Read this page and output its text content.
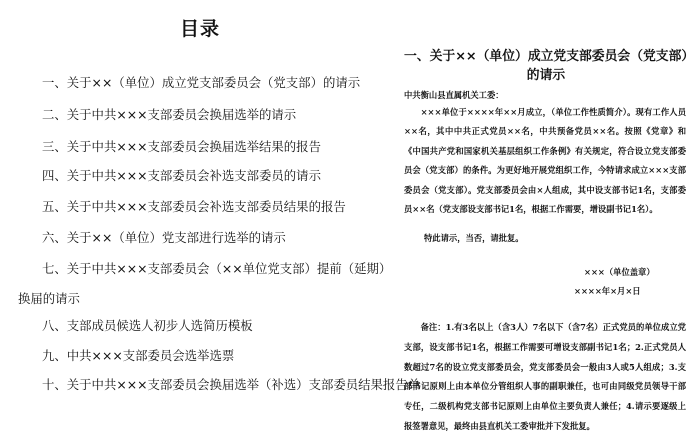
目录
一、关于××（单位）成立党支部委员会（党支部）的请示
二、关于中共×××支部委员会换届选举的请示
三、关于中共×××支部委员会换届选举结果的报告
四、关于中共×××支部委员会补选支部委员的请示
五、关于中共×××支部委员会补选支部委员结果的报告
六、关于××（单位）党支部进行选举的请示
七、关于中共×××支部委员会（××单位党支部）提前（延期）换届的请示
八、支部成员候选人初步人选简历模板
九、中共×××支部委员会选举选票
十、关于中共×××支部委员会换届选举（补选）支部委员结果报告单
一、关于××（单位）成立党支部委员会（党支部）
的请示
中共衡山县直属机关工委：
×××单位于××××年××月成立，（单位工作性质简介）。现有工作人员××名，其中中共正式党员××名，中共预备党员××名。按照《党章》和《中国共产党和国家机关基层组织工作条例》有关规定，符合设立党支部委员会（党支部）的条件。为更好地开展党组织工作，今特请求成立×××支部委员会（党支部）。党支部委员会由×人组成，其中设支部书记1名，支部委员××名（党支部设支部书记1名，根据工作需要，增设副书记1名）。
特此请示，当否，请批复。
×××（单位盖章）
××××年×月×日
备注：1.有3名以上（含3人）7名以下（含7名）正式党员的单位成立党支部，设支部书记1名，根据工作需要可增设支部副书记1名；2.正式党员人数超过7名的设立党支部委员会，党支部委员会一般由3人或5人组成；3.支部书记原则上由本单位分管组织人事的副职兼任，也可由同级党员领导干部专任，二级机构党支部书记原则上由单位主要负责人兼任；4.请示要逐级上报签署意见，最终由县直机关工委审批并下发批复。
